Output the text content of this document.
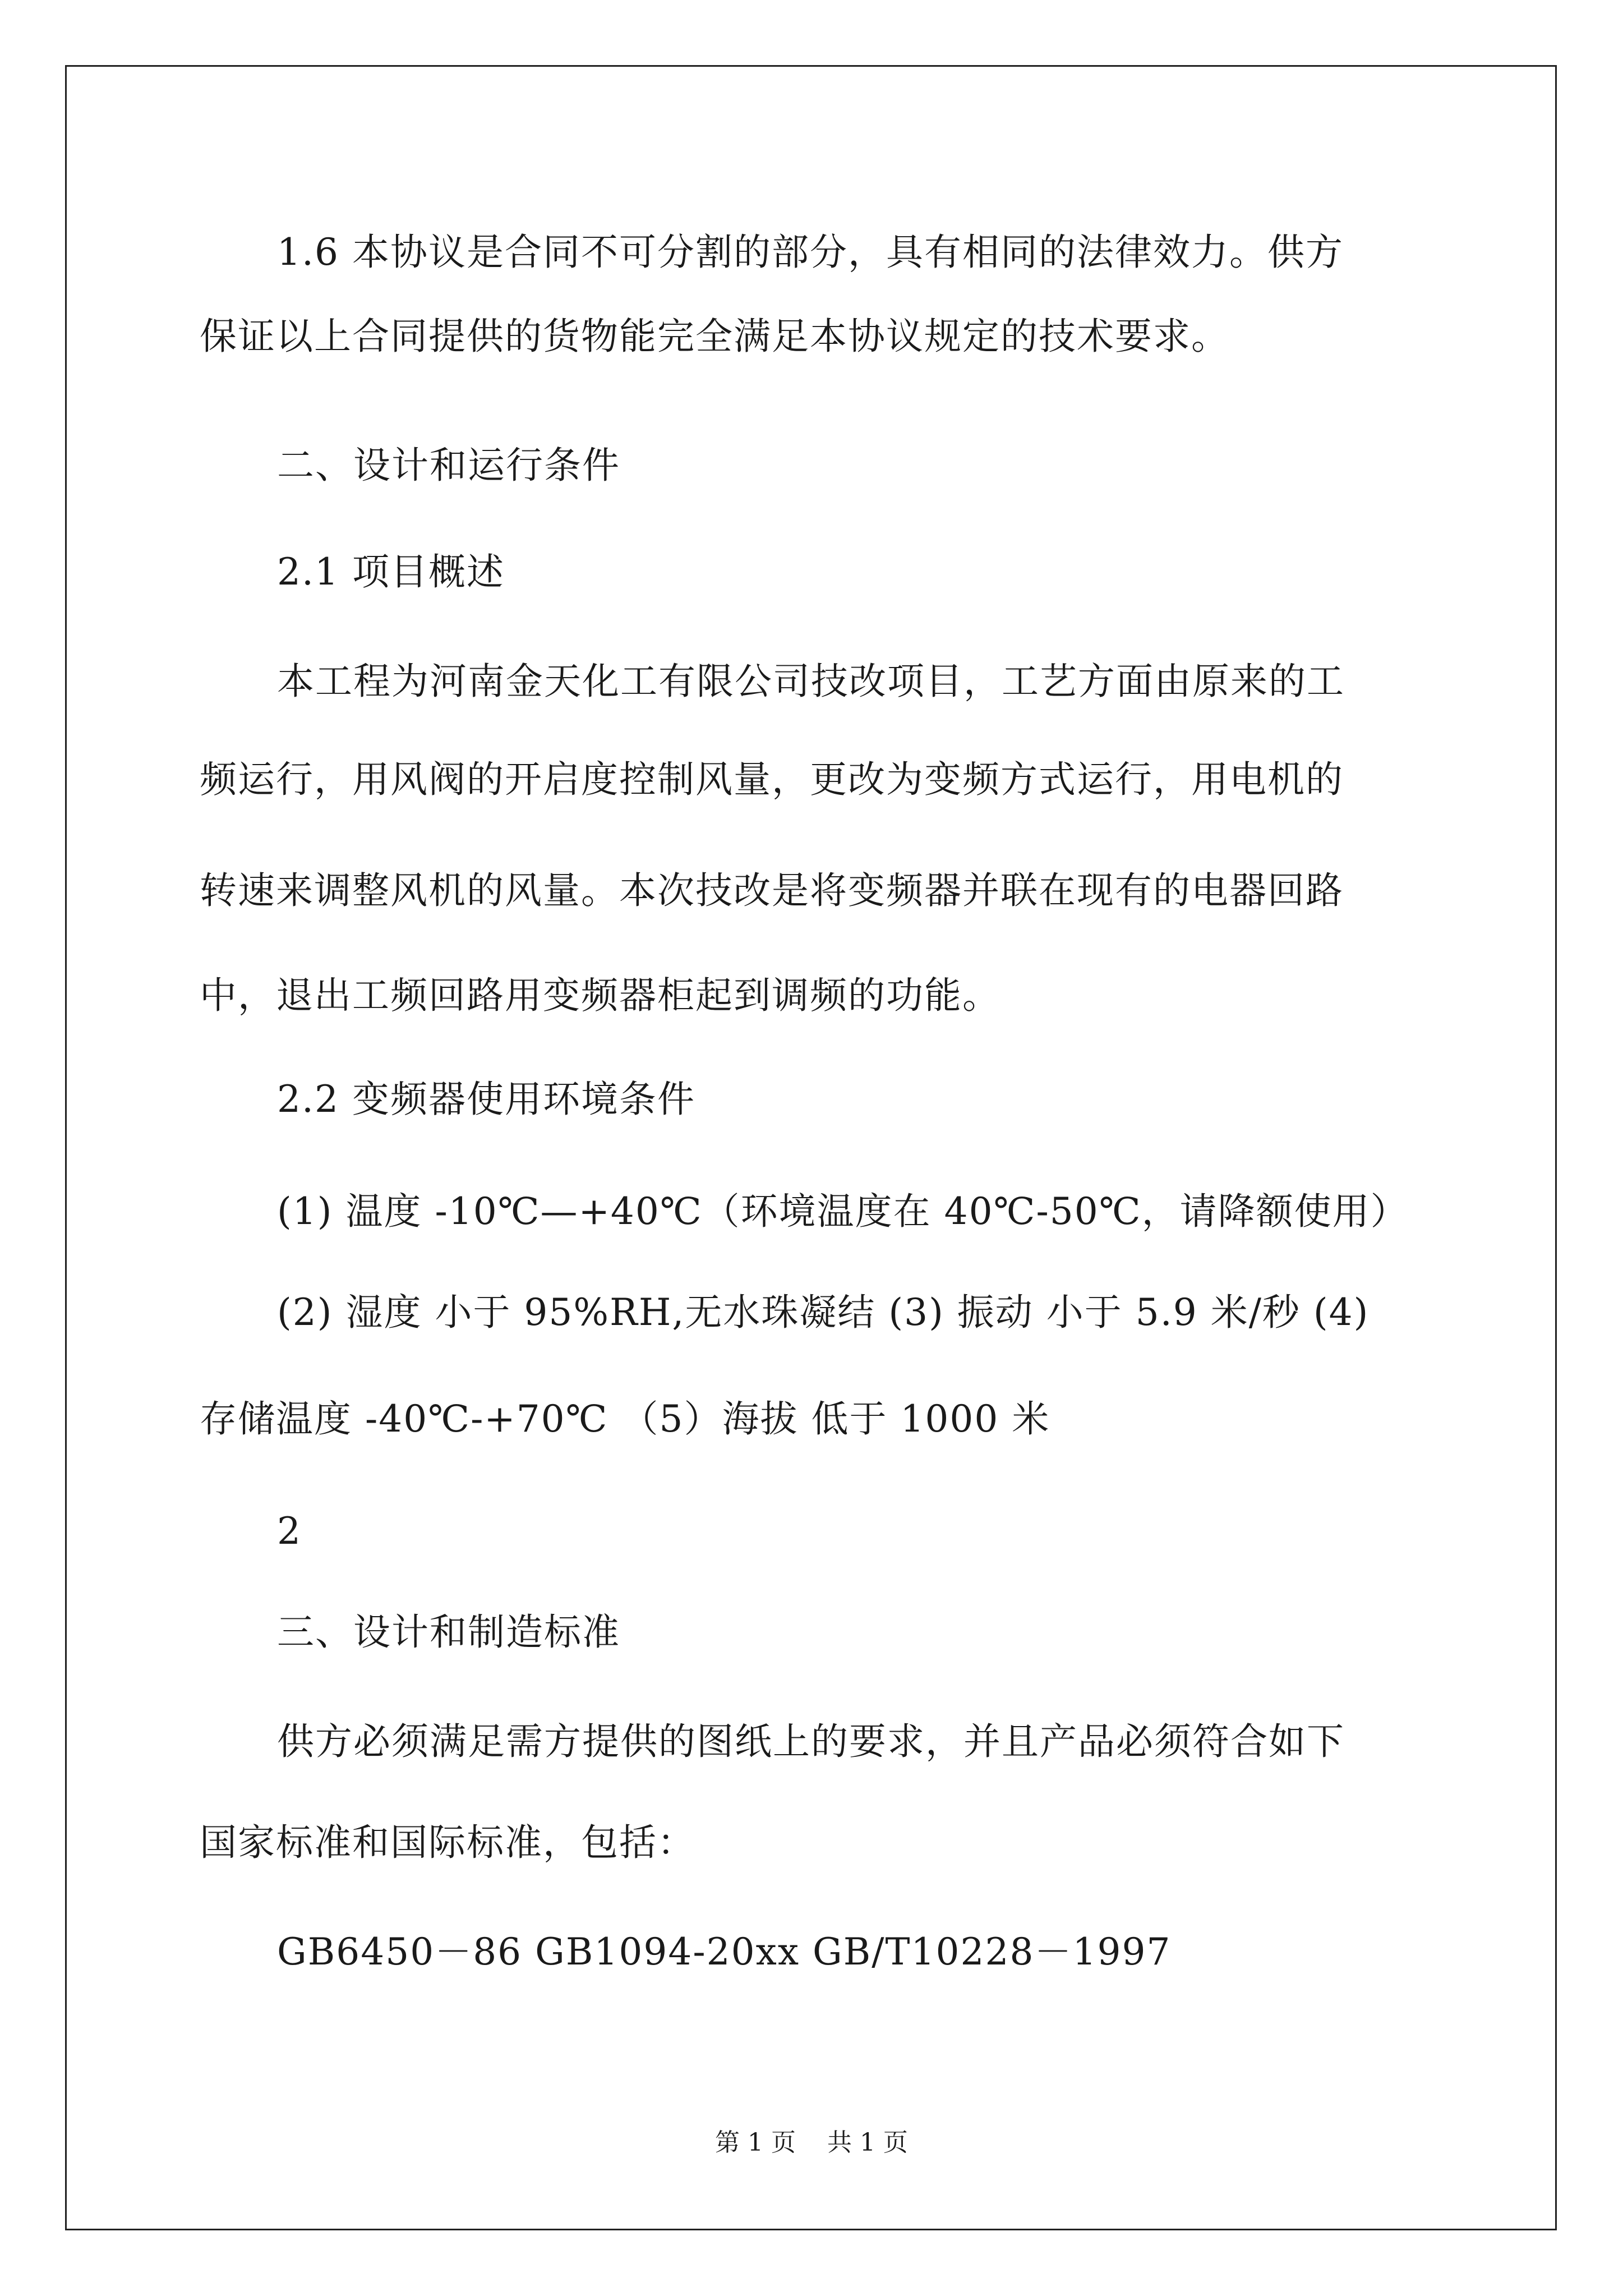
1.6 本协议是合同不可分割的部分，具有相同的法律效力。供方

保证以上合同提供的货物能完全满足本协议规定的技术要求。

二、设计和运行条件

2.1 项目概述

本工程为河南金天化工有限公司技改项目，工艺方面由原来的工

频运行，用风阀的开启度控制风量，更改为变频方式运行，用电机的

转速来调整风机的风量。本次技改是将变频器并联在现有的电器回路

中，退出工频回路用变频器柜起到调频的功能。

2.2 变频器使用环境条件

(1) 温度 -10℃—+40℃（环境温度在 40℃-50℃，请降额使用）

(2) 湿度 小于 95%RH,无水珠凝结 (3) 振动 小于 5.9 米/秒 (4)

存储温度 -40℃-+70℃ （5）海拔 低于 1000 米

2

三、设计和制造标准

供方必须满足需方提供的图纸上的要求，并且产品必须符合如下

国家标准和国际标准，包括：

GB6450－86 GB1094-20xx GB/T10228－1997

第 1 页    共 1 页
